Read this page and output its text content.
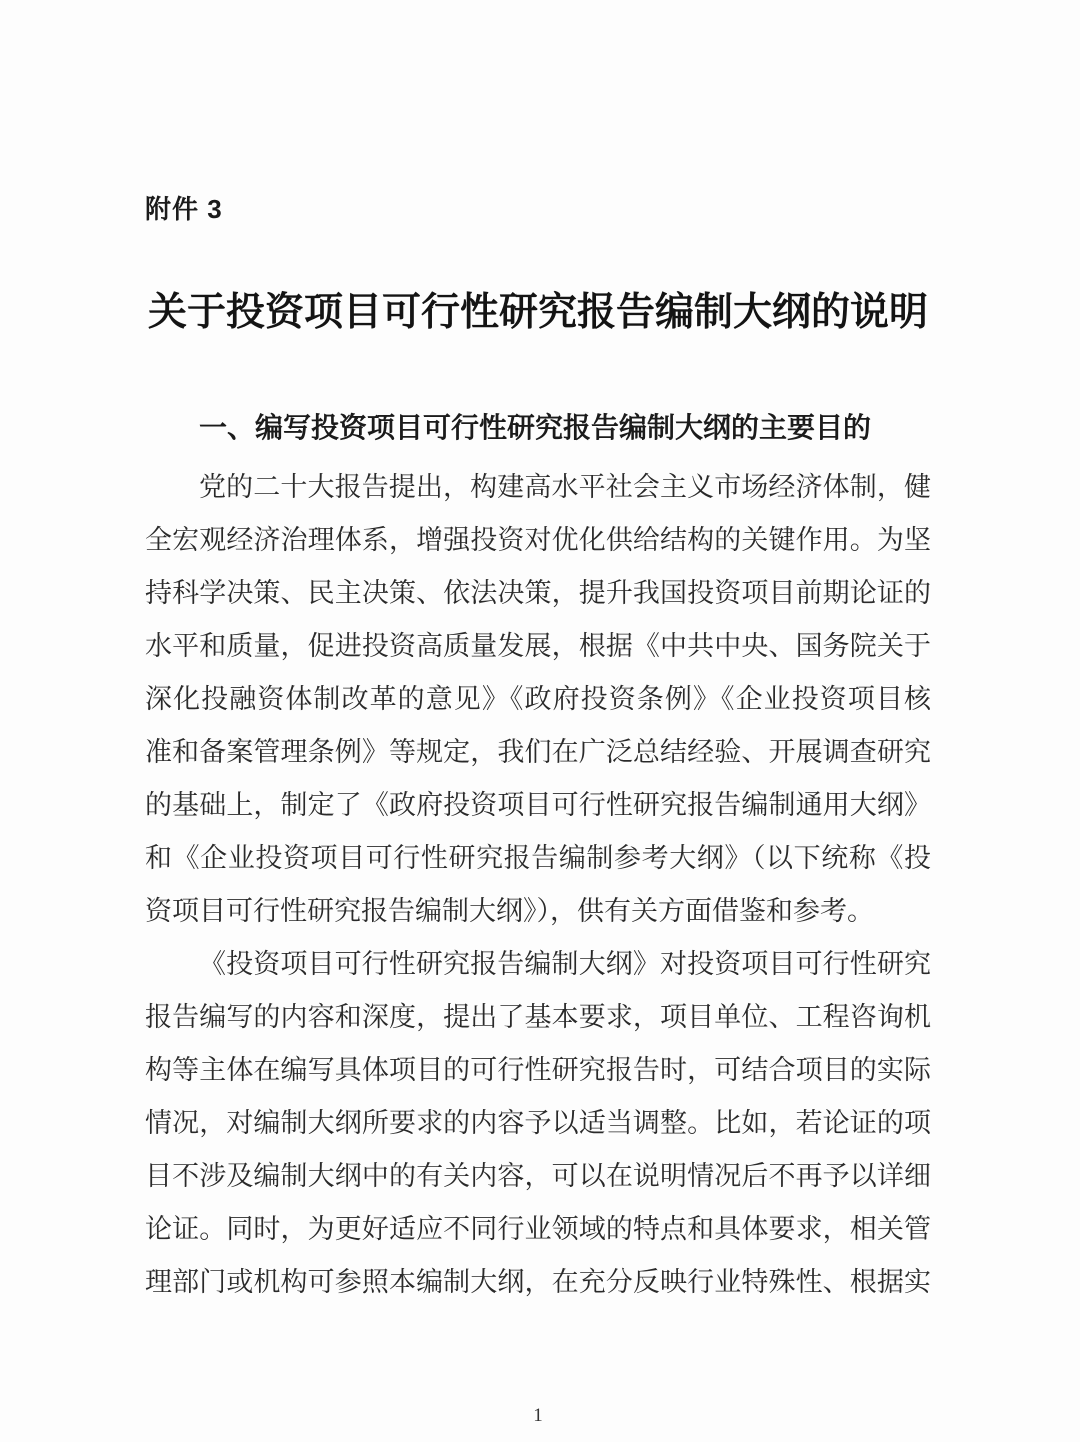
附件 3
关于投资项目可行性研究报告编制大纲的说明
一、编写投资项目可行性研究报告编制大纲的主要目的
党的二十大报告提出，构建高水平社会主义市场经济体制，健
全宏观经济治理体系，增强投资对优化供给结构的关键作用。为坚
持科学决策、民主决策、依法决策，提升我国投资项目前期论证的
水平和质量，促进投资高质量发展，根据《中共中央、国务院关于
深化投融资体制改革的意见》《政府投资条例》《企业投资项目核
准和备案管理条例》等规定，我们在广泛总结经验、开展调查研究
的基础上，制定了《政府投资项目可行性研究报告编制通用大纲》
和《企业投资项目可行性研究报告编制参考大纲》（以下统称《投
资项目可行性研究报告编制大纲》），供有关方面借鉴和参考。
《投资项目可行性研究报告编制大纲》对投资项目可行性研究
报告编写的内容和深度，提出了基本要求，项目单位、工程咨询机
构等主体在编写具体项目的可行性研究报告时，可结合项目的实际
情况，对编制大纲所要求的内容予以适当调整。比如，若论证的项
目不涉及编制大纲中的有关内容，可以在说明情况后不再予以详细
论证。同时，为更好适应不同行业领域的特点和具体要求，相关管
理部门或机构可参照本编制大纲，在充分反映行业特殊性、根据实
1
